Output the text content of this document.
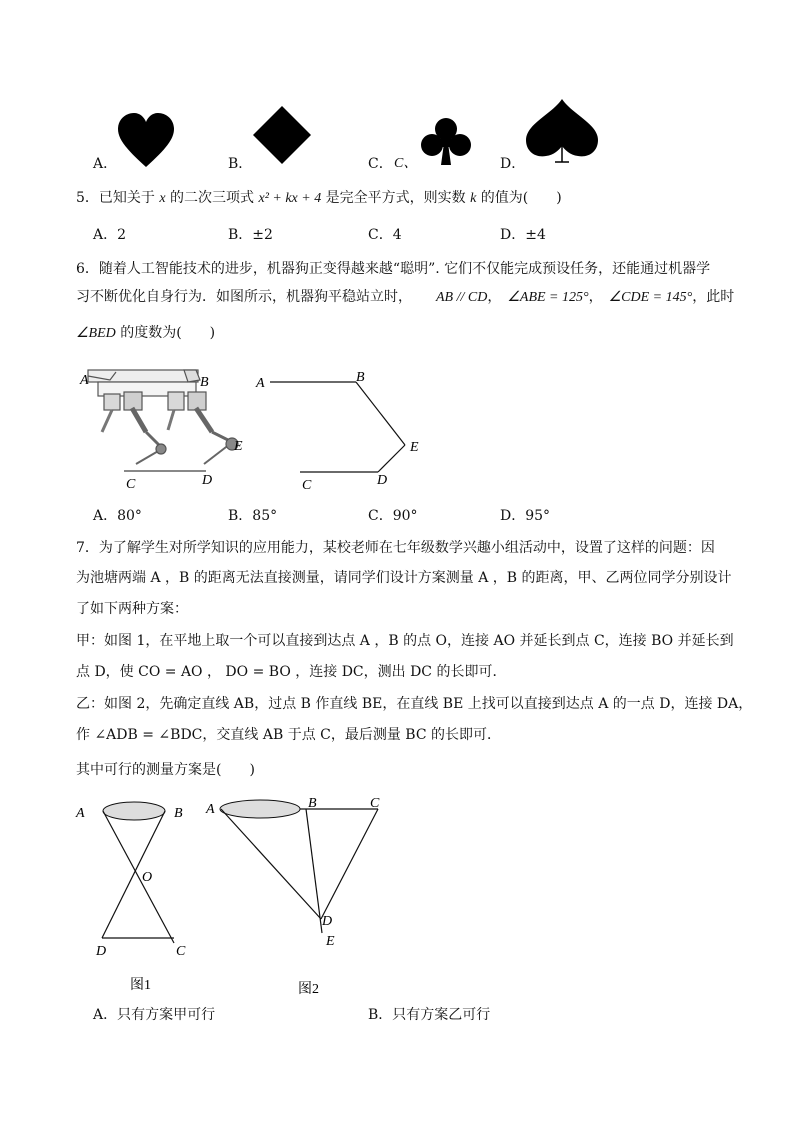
A．	B．	C． C、	D．
5．已知关于 x 的二次三项式 x² + kx + 4 是完全平方式，则实数 k 的值为(　　)
A．2	B．±2	C．4	D．±4
6．随着人工智能技术的进步，机器狗正变得越来越“聪明”. 它们不仅能完成预设任务，还能通过机器学
习不断优化自身行为．如图所示，机器狗平稳站立时， AB // CD， ∠ABE = 125°， ∠CDE = 145°，此时
∠BED 的度数为(　　)
A	B
E
C	D
A	B
E
C	D
A．80°	B．85°	C．90°	D．95°
7．为了解学生对所学知识的应用能力，某校老师在七年级数学兴趣小组活动中，设置了这样的问题：因
为池塘两端 A ，B 的距离无法直接测量，请同学们设计方案测量 A ，B 的距离，甲、乙两位同学分别设计
了如下两种方案：
甲：如图 1，在平地上取一个可以直接到达点 A ，B 的点 O，连接 AO 并延长到点 C，连接 BO 并延长到
点 D，使 CO = AO ， DO = BO ，连接 DC，测出 DC 的长即可．
乙：如图 2，先确定直线 AB，过点 B 作直线 BE，在直线 BE 上找可以直接到达点 A 的一点 D，连接 DA，
作 ∠ADB = ∠BDC，交直线 AB 于点 C，最后测量 BC 的长即可．
其中可行的测量方案是(　　)
A	B
O
D	C
图1
A	B	C
D
E
图2
A．只有方案甲可行	B．只有方案乙可行
